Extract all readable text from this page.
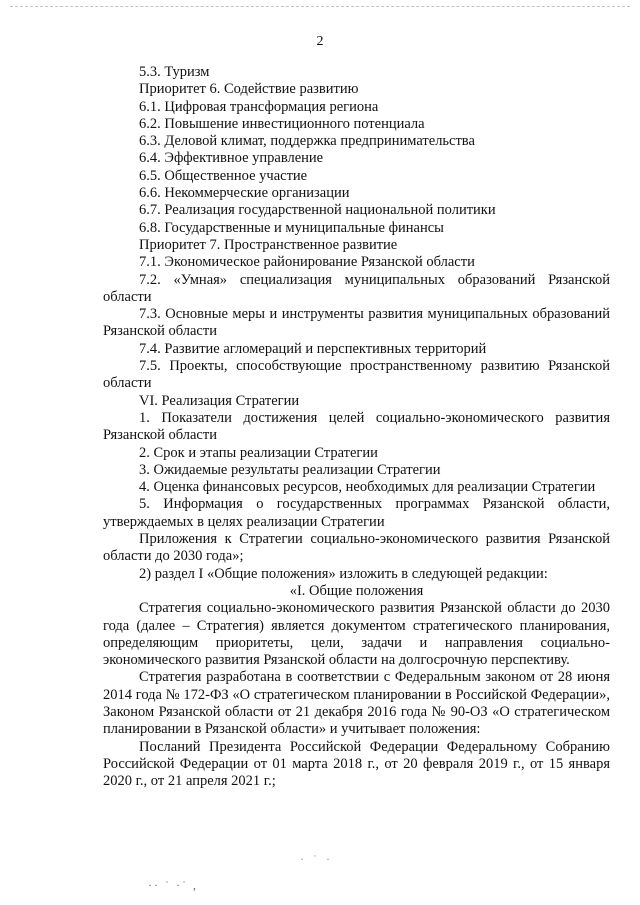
2

5.3. Туризм

Приоритет 6. Содействие развитию

6.1. Цифровая трансформация региона

6.2. Повышение инвестиционного потенциала

6.3. Деловой климат, поддержка предпринимательства

6.4. Эффективное управление

6.5. Общественное участие

6.6. Некоммерческие организации

6.7. Реализация государственной национальной политики

6.8. Государственные и муниципальные финансы

Приоритет 7. Пространственное развитие

7.1. Экономическое районирование Рязанской области

7.2. «Умная» специализация муниципальных образований Рязанской области

7.3. Основные меры и инструменты развития муниципальных образований Рязанской области

7.4. Развитие агломераций и перспективных территорий

7.5. Проекты, способствующие пространственному развитию Рязанской области

VI. Реализация Стратегии

1. Показатели достижения целей социально-экономического развития Рязанской области

2. Срок и этапы реализации Стратегии

3. Ожидаемые результаты реализации Стратегии

4. Оценка финансовых ресурсов, необходимых для реализации Стратегии

5. Информация о государственных программах Рязанской области, утверждаемых в целях реализации Стратегии

Приложения к Стратегии социально-экономического развития Рязанской области до 2030 года»;

2) раздел I «Общие положения» изложить в следующей редакции:

«I. Общие положения

Стратегия социально-экономического развития Рязанской области до 2030 года (далее – Стратегия) является документом стратегического планирования, определяющим приоритеты, цели, задачи и направления социально-экономического развития Рязанской области на долгосрочную перспективу.

Стратегия разработана в соответствии с Федеральным законом от 28 июня 2014 года № 172-ФЗ «О стратегическом планировании в Российской Федерации», Законом Рязанской области от 21 декабря 2016 года № 90-ОЗ «О стратегическом планировании в Рязанской области» и учитывает положения:

Посланий Президента Российской Федерации Федеральному Собранию Российской Федерации от 01 марта 2018 г., от 20 февраля 2019 г., от 15 января 2020 г., от 21 апреля 2021 г.;

· ˙ ·
·· ˙ ·˙ ,
